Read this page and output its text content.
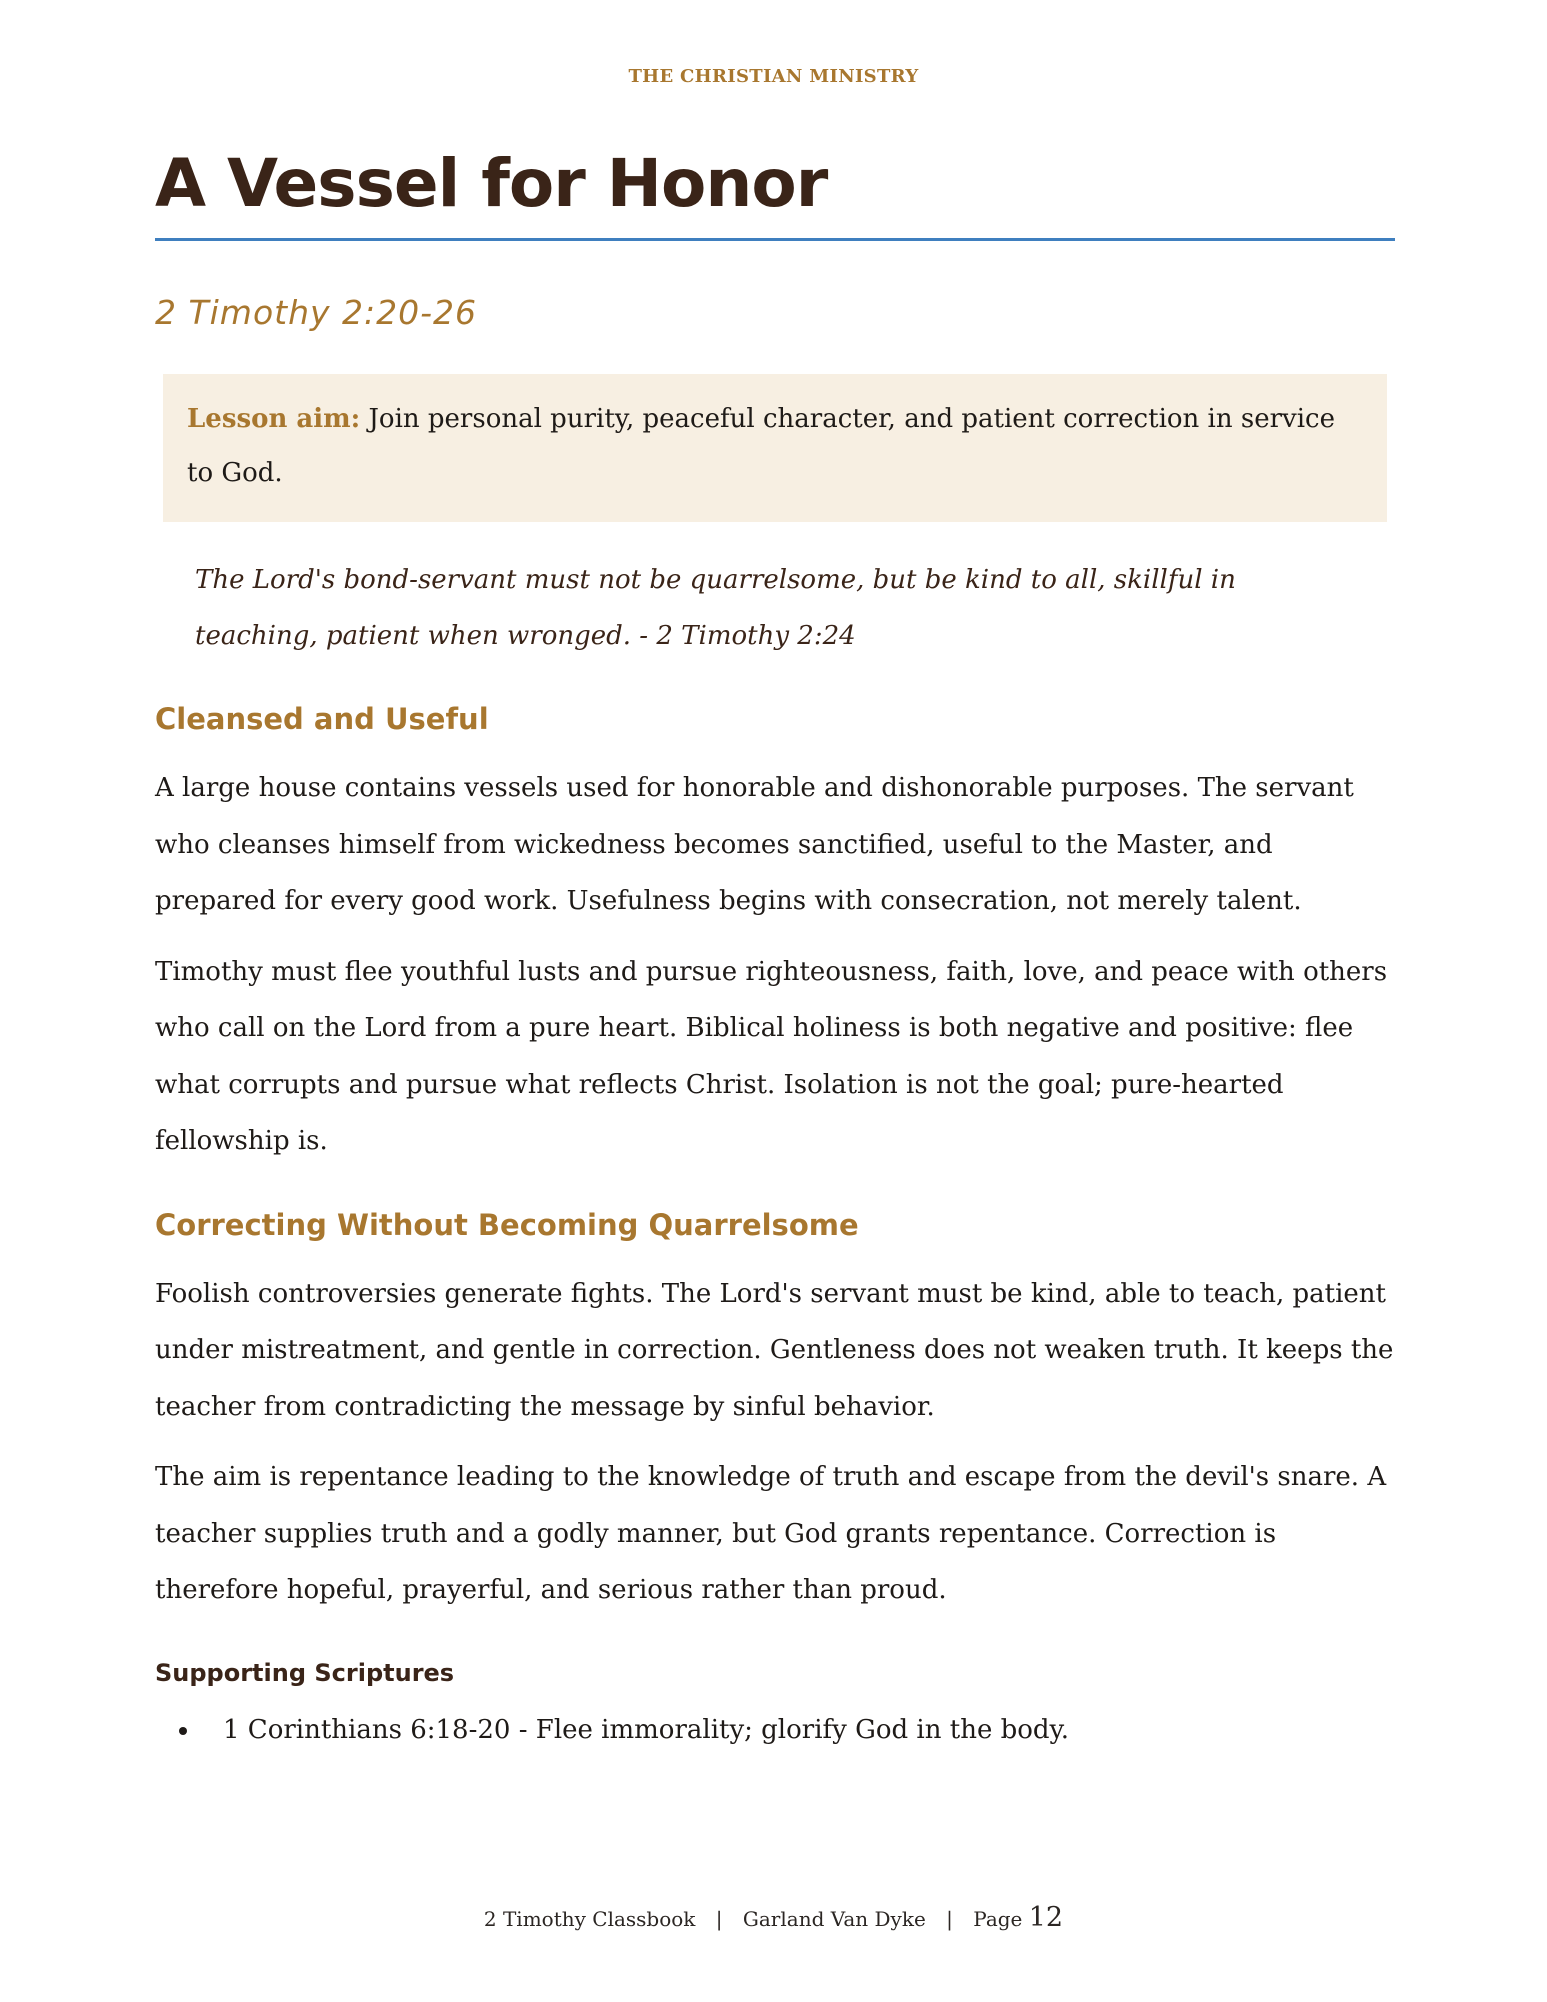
THE CHRISTIAN MINISTRY
A Vessel for Honor
2 Timothy 2:20-26
Lesson aim: Join personal purity, peaceful character, and patient correction in service to God.
The Lord's bond-servant must not be quarrelsome, but be kind to all, skillful in teaching, patient when wronged. - 2 Timothy 2:24
Cleansed and Useful

A large house contains vessels used for honorable and dishonorable purposes. The servant who cleanses himself from wickedness becomes sanctified, useful to the Master, and prepared for every good work. Usefulness begins with consecration, not merely talent.

Timothy must flee youthful lusts and pursue righteousness, faith, love, and peace with others who call on the Lord from a pure heart. Biblical holiness is both negative and positive: flee what corrupts and pursue what reflects Christ. Isolation is not the goal; pure-hearted fellowship is.

Correcting Without Becoming Quarrelsome

Foolish controversies generate fights. The Lord's servant must be kind, able to teach, patient under mistreatment, and gentle in correction. Gentleness does not weaken truth. It keeps the teacher from contradicting the message by sinful behavior.

The aim is repentance leading to the knowledge of truth and escape from the devil's snare. A teacher supplies truth and a godly manner, but God grants repentance. Correction is therefore hopeful, prayerful, and serious rather than proud.

Supporting Scriptures
• 1 Corinthians 6:18-20 - Flee immorality; glorify God in the body.
2 Timothy Classbook | Garland Van Dyke | Page 12
